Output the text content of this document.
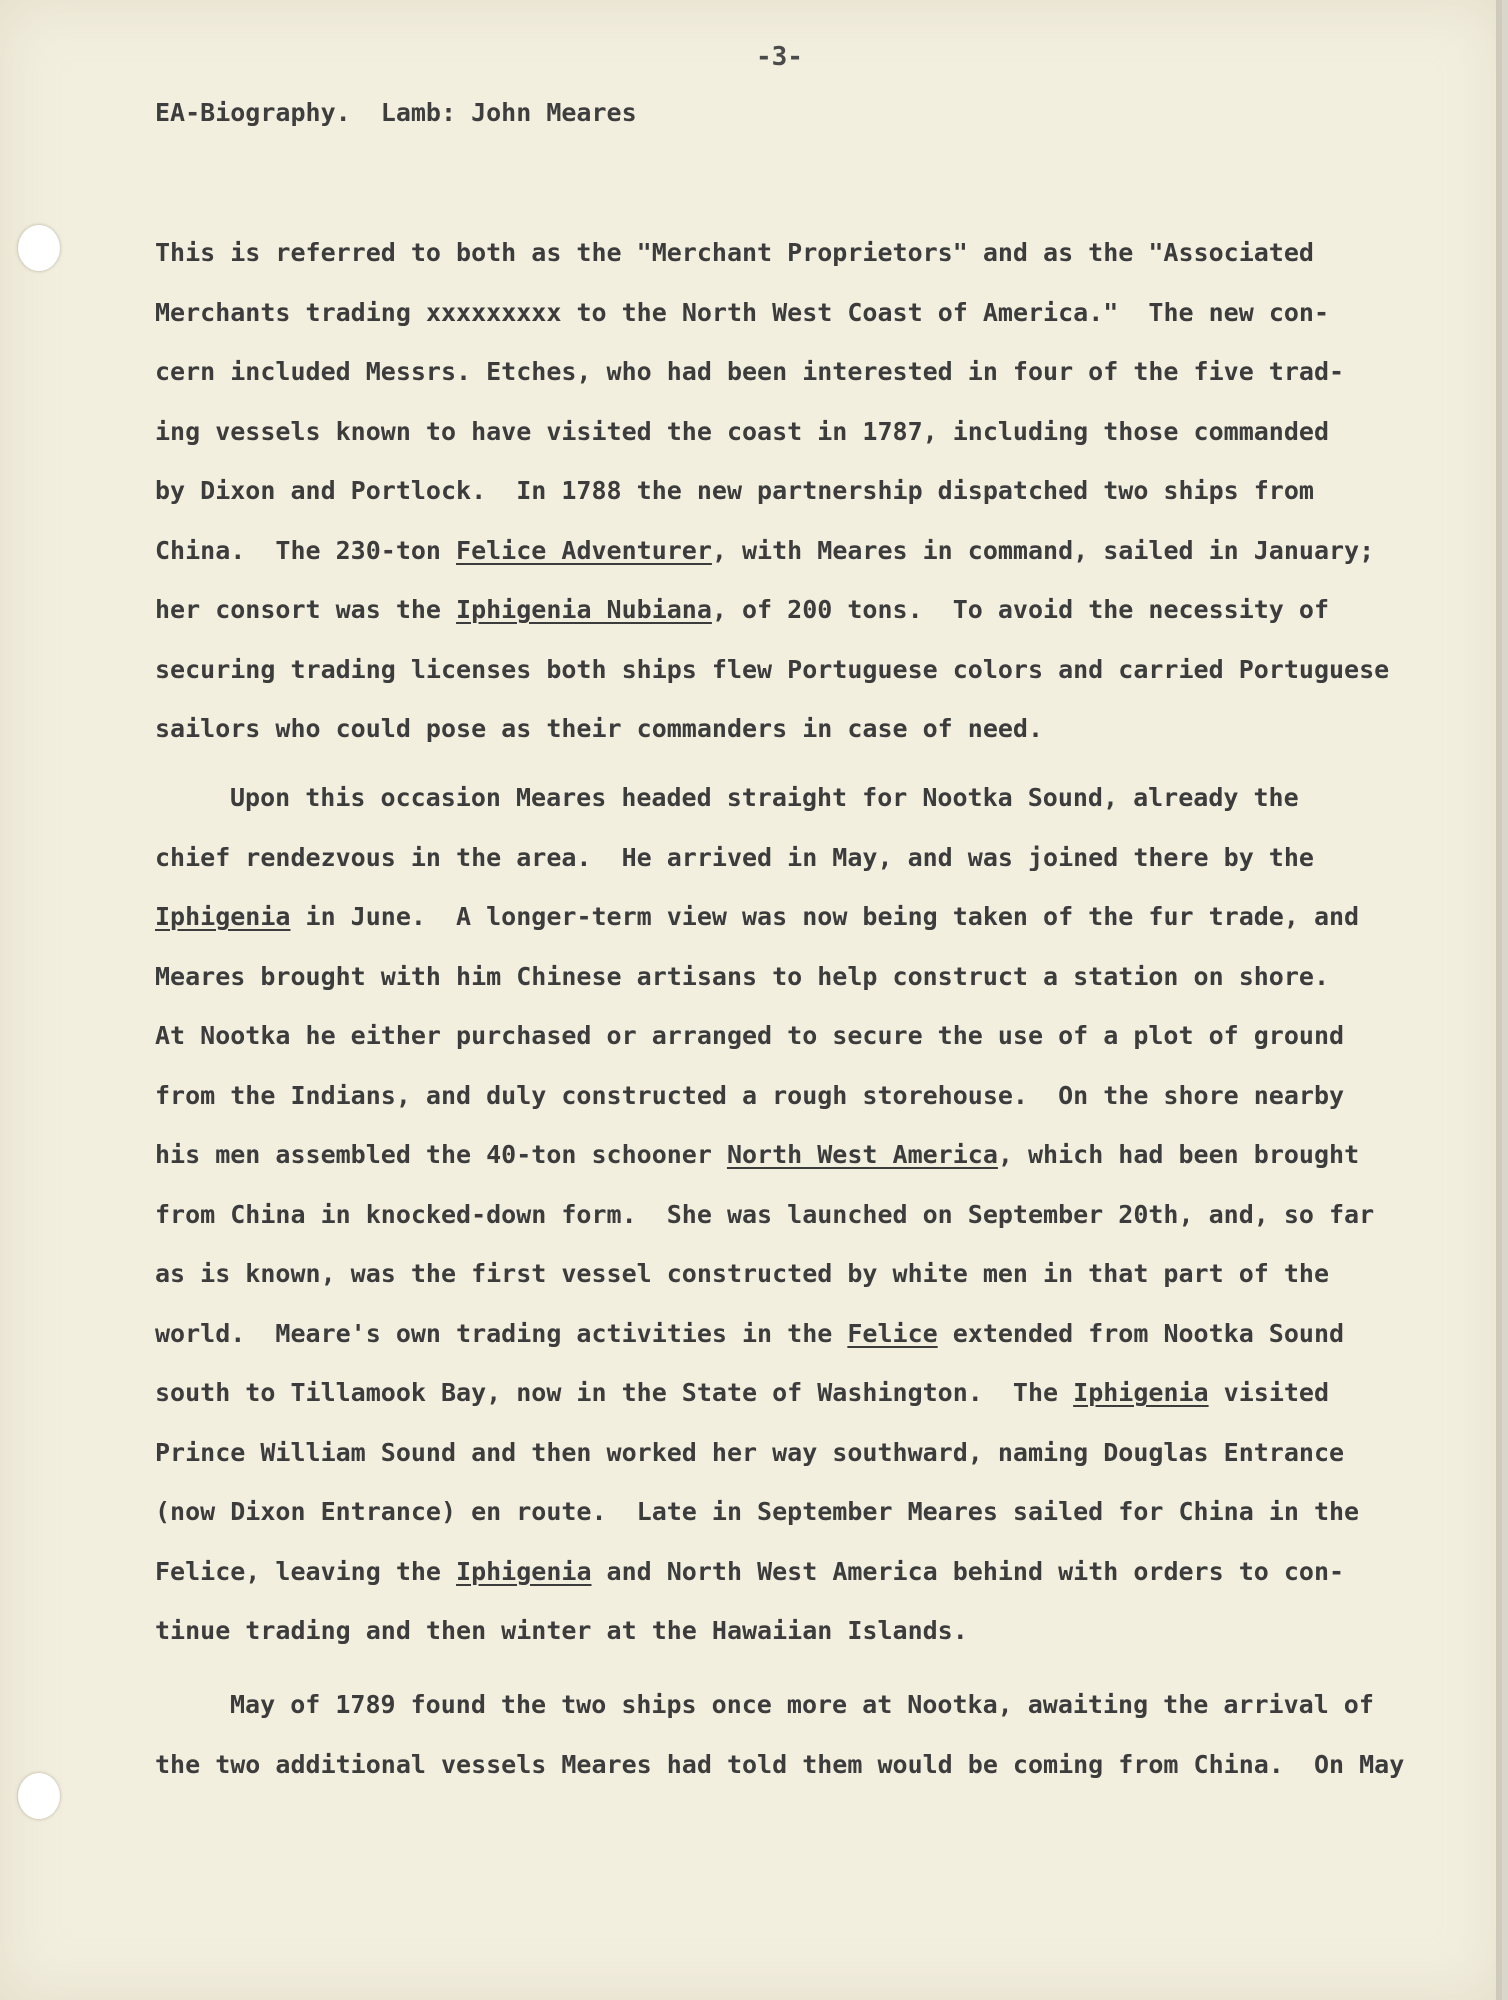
-3-
EA-Biography.  Lamb: John Meares
This is referred to both as the "Merchant Proprietors" and as the "Associated
Merchants trading xxxxxxxxx to the North West Coast of America."  The new con-
cern included Messrs. Etches, who had been interested in four of the five trad-
ing vessels known to have visited the coast in 1787, including those commanded
by Dixon and Portlock.  In 1788 the new partnership dispatched two ships from
China.  The 230-ton Felice Adventurer, with Meares in command, sailed in January;
her consort was the Iphigenia Nubiana, of 200 tons.  To avoid the necessity of
securing trading licenses both ships flew Portuguese colors and carried Portuguese
sailors who could pose as their commanders in case of need.
Upon this occasion Meares headed straight for Nootka Sound, already the
chief rendezvous in the area.  He arrived in May, and was joined there by the
Iphigenia in June.  A longer-term view was now being taken of the fur trade, and
Meares brought with him Chinese artisans to help construct a station on shore.
At Nootka he either purchased or arranged to secure the use of a plot of ground
from the Indians, and duly constructed a rough storehouse.  On the shore nearby
his men assembled the 40-ton schooner North West America, which had been brought
from China in knocked-down form.  She was launched on September 20th, and, so far
as is known, was the first vessel constructed by white men in that part of the
world.  Meare's own trading activities in the Felice extended from Nootka Sound
south to Tillamook Bay, now in the State of Washington.  The Iphigenia visited
Prince William Sound and then worked her way southward, naming Douglas Entrance
(now Dixon Entrance) en route.  Late in September Meares sailed for China in the
Felice, leaving the Iphigenia and North West America behind with orders to con-
tinue trading and then winter at the Hawaiian Islands.
May of 1789 found the two ships once more at Nootka, awaiting the arrival of
the two additional vessels Meares had told them would be coming from China.  On May
